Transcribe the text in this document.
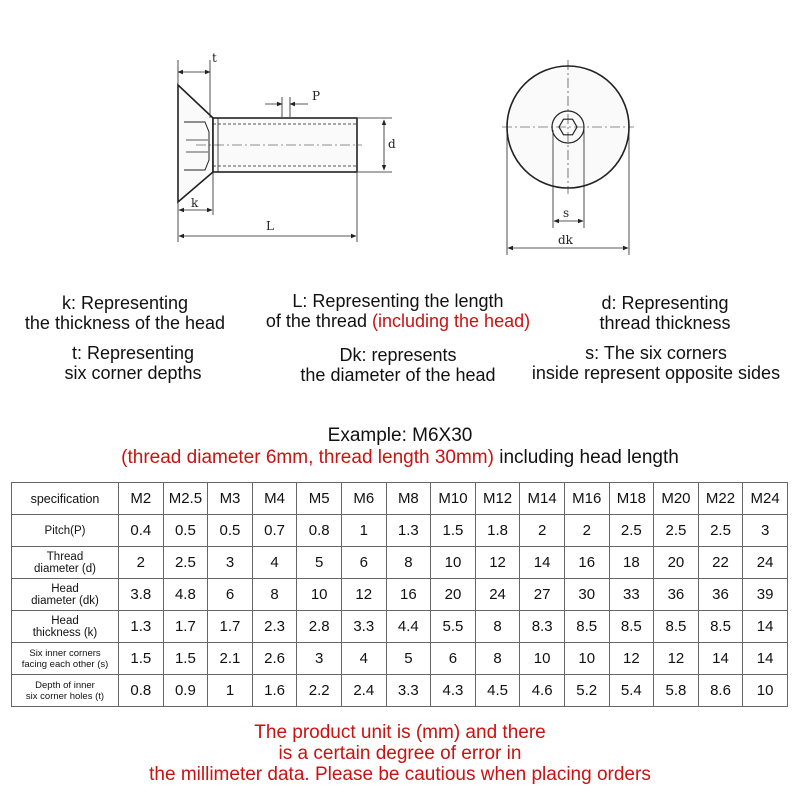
t
P
d
k
L
s
dk
k: Representing
the thickness of the head
L: Representing the length
of the thread (including the head)
d: Representing
thread thickness
t: Representing
six corner depths
Dk: represents
the diameter of the head
s: The six corners
inside represent opposite sides
Example: M6X30
(thread diameter 6mm, thread length 30mm) including head length
specification	M2	M2.5	M3	M4	M5	M6	M8	M10	M12	M14	M16	M18	M20	M22	M24

Pitch(P)	0.4	0.5	0.5	0.7	0.8	1	1.3	1.5	1.8	2	2	2.5	2.5	2.5	3

Thread
diameter (d)	2	2.5	3	4	5	6	8	10	12	14	16	18	20	22	24

Head
diameter (dk)	3.8	4.8	6	8	10	12	16	20	24	27	30	33	36	36	39

Head
thickness (k)	1.3	1.7	1.7	2.3	2.8	3.3	4.4	5.5	8	8.3	8.5	8.5	8.5	8.5	14

Six inner corners
facing each other (s)	1.5	1.5	2.1	2.6	3	4	5	6	8	10	10	12	12	14	14

Depth of inner
six corner holes (t)	0.8	0.9	1	1.6	2.2	2.4	3.3	4.3	4.5	4.6	5.2	5.4	5.8	8.6	10
The product unit is (mm) and there
is a certain degree of error in
the millimeter data. Please be cautious when placing orders
